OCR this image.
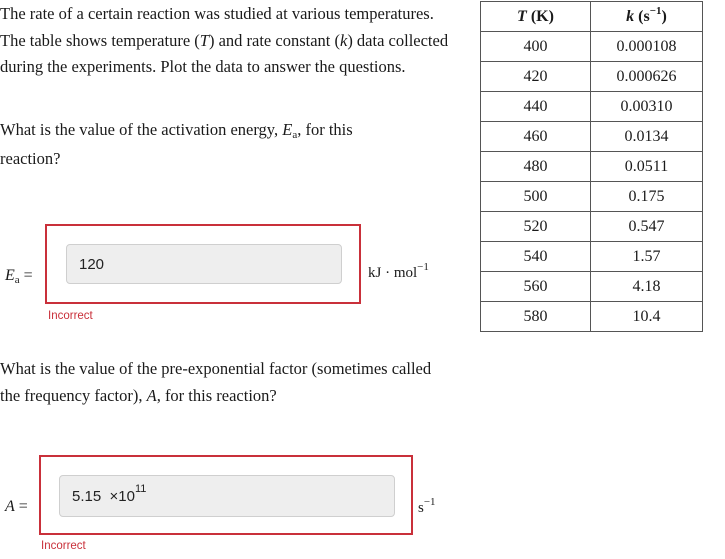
The rate of a certain reaction was studied at various temperatures. The table shows temperature (T) and rate constant (k) data collected during the experiments. Plot the data to answer the questions.

What is the value of the activation energy, Ea, for this reaction?

Ea =
120
kJ · mol$^{-1}$
Incorrect

What is the value of the pre-exponential factor (sometimes called the frequency factor), A, for this reaction?

A =
5.15
×10 11
$s^{-1}$
Incorrect
T (K)	k $(s^{-1})$
400	0.000108
420	0.000626
440	0.00310
460	0.0134
480	0.0511
500	0.175
520	0.547
540	1.57
560	4.18
580	10.4
